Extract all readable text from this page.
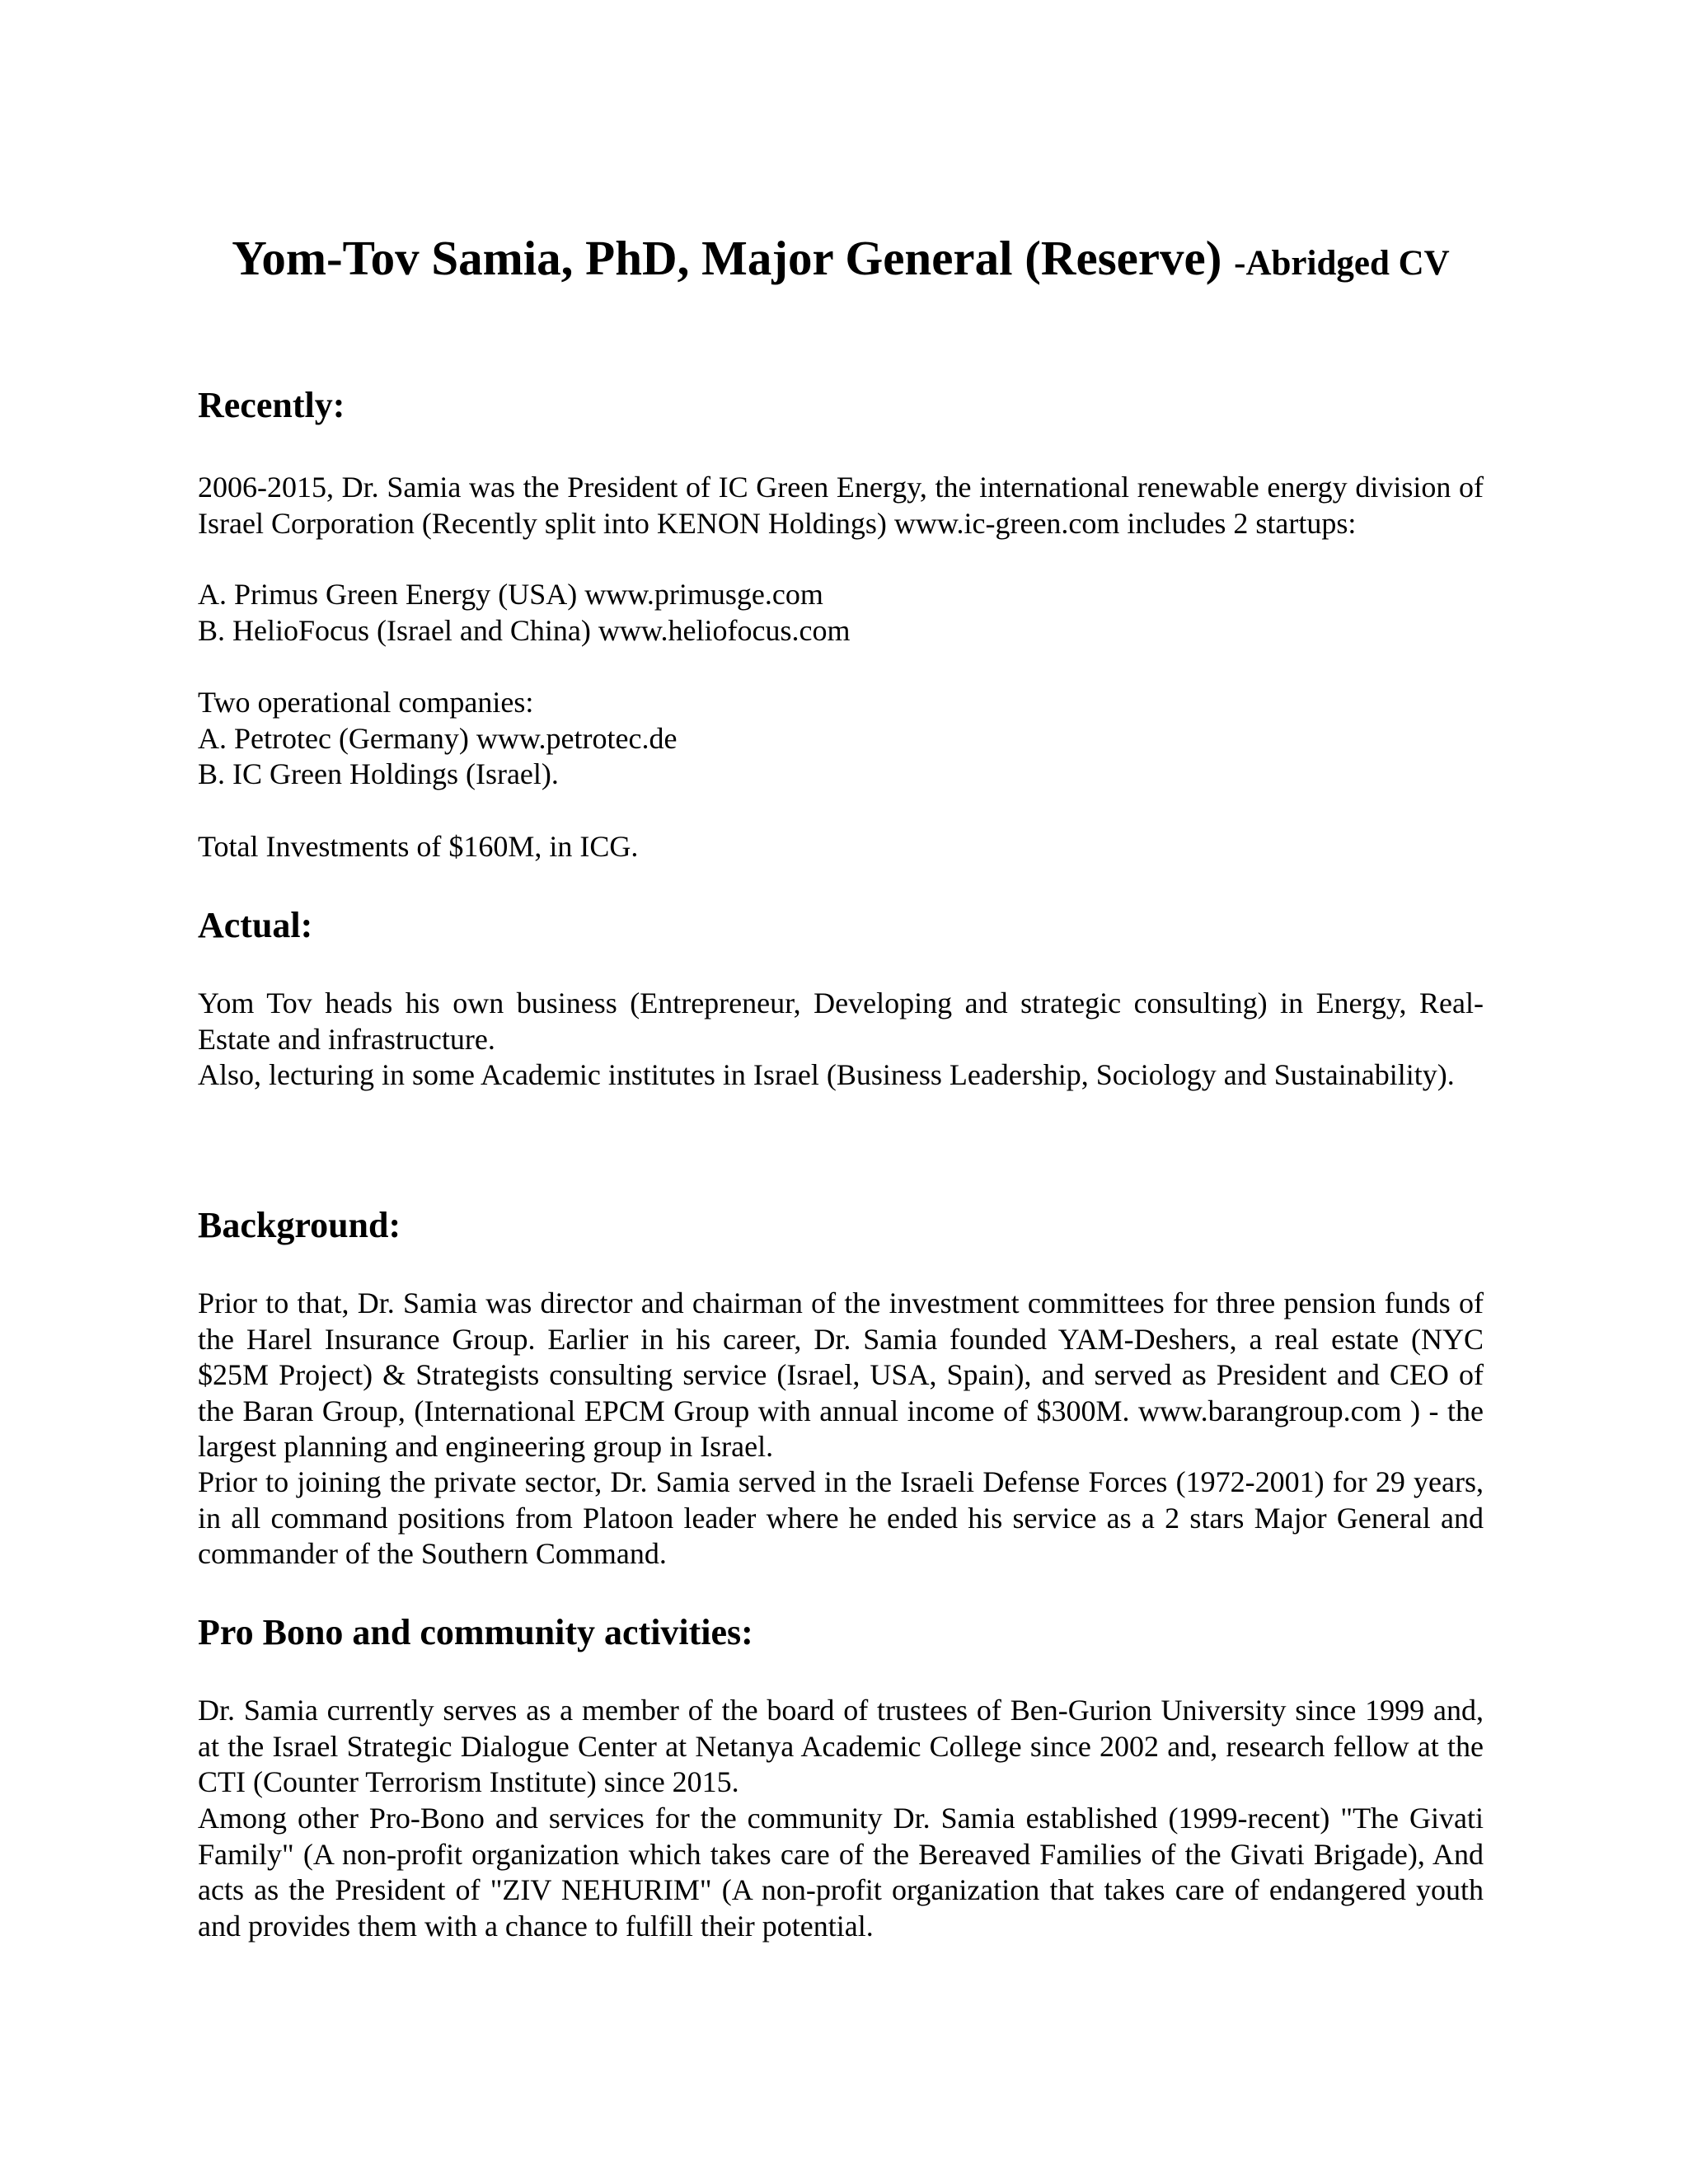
Yom-Tov Samia, PhD, Major General (Reserve) -Abridged CV
Recently:

2006-2015, Dr. Samia was the President of IC Green Energy, the international renewable energy division of Israel Corporation (Recently split into KENON Holdings) www.ic-green.com includes 2 startups:

A. Primus Green Energy (USA) www.primusge.com

B. HelioFocus (Israel and China) www.heliofocus.com

Two operational companies:

A. Petrotec (Germany) www.petrotec.de

B. IC Green Holdings (Israel).

Total Investments of $160M, in ICG.

Actual:

Yom Tov heads his own business (Entrepreneur, Developing and strategic consulting) in Energy, Real-Estate and infrastructure.

Also, lecturing in some Academic institutes in Israel (Business Leadership, Sociology and Sustainability).

Background:

Prior to that, Dr. Samia was director and chairman of the investment committees for three pension funds of the Harel Insurance Group. Earlier in his career, Dr. Samia founded YAM-Deshers, a real estate (NYC $25M Project) & Strategists consulting service (Israel, USA, Spain), and served as President and CEO of the Baran Group, (International EPCM Group with annual income of $300M. www.barangroup.com ) - the largest planning and engineering group in Israel.

Prior to joining the private sector, Dr. Samia served in the Israeli Defense Forces (1972-2001) for 29 years, in all command positions from Platoon leader where he ended his service as a 2 stars Major General and commander of the Southern Command.

Pro Bono and community activities:

Dr. Samia currently serves as a member of the board of trustees of Ben-Gurion University since 1999 and, at the Israel Strategic Dialogue Center at Netanya Academic College since 2002 and, research fellow at the CTI (Counter Terrorism Institute) since 2015.

Among other Pro-Bono and services for the community Dr. Samia established (1999-recent) "The Givati Family" (A non-profit organization which takes care of the Bereaved Families of the Givati Brigade), And acts as the President of "ZIV NEHURIM" (A non-profit organization that takes care of endangered youth and provides them with a chance to fulfill their potential.
